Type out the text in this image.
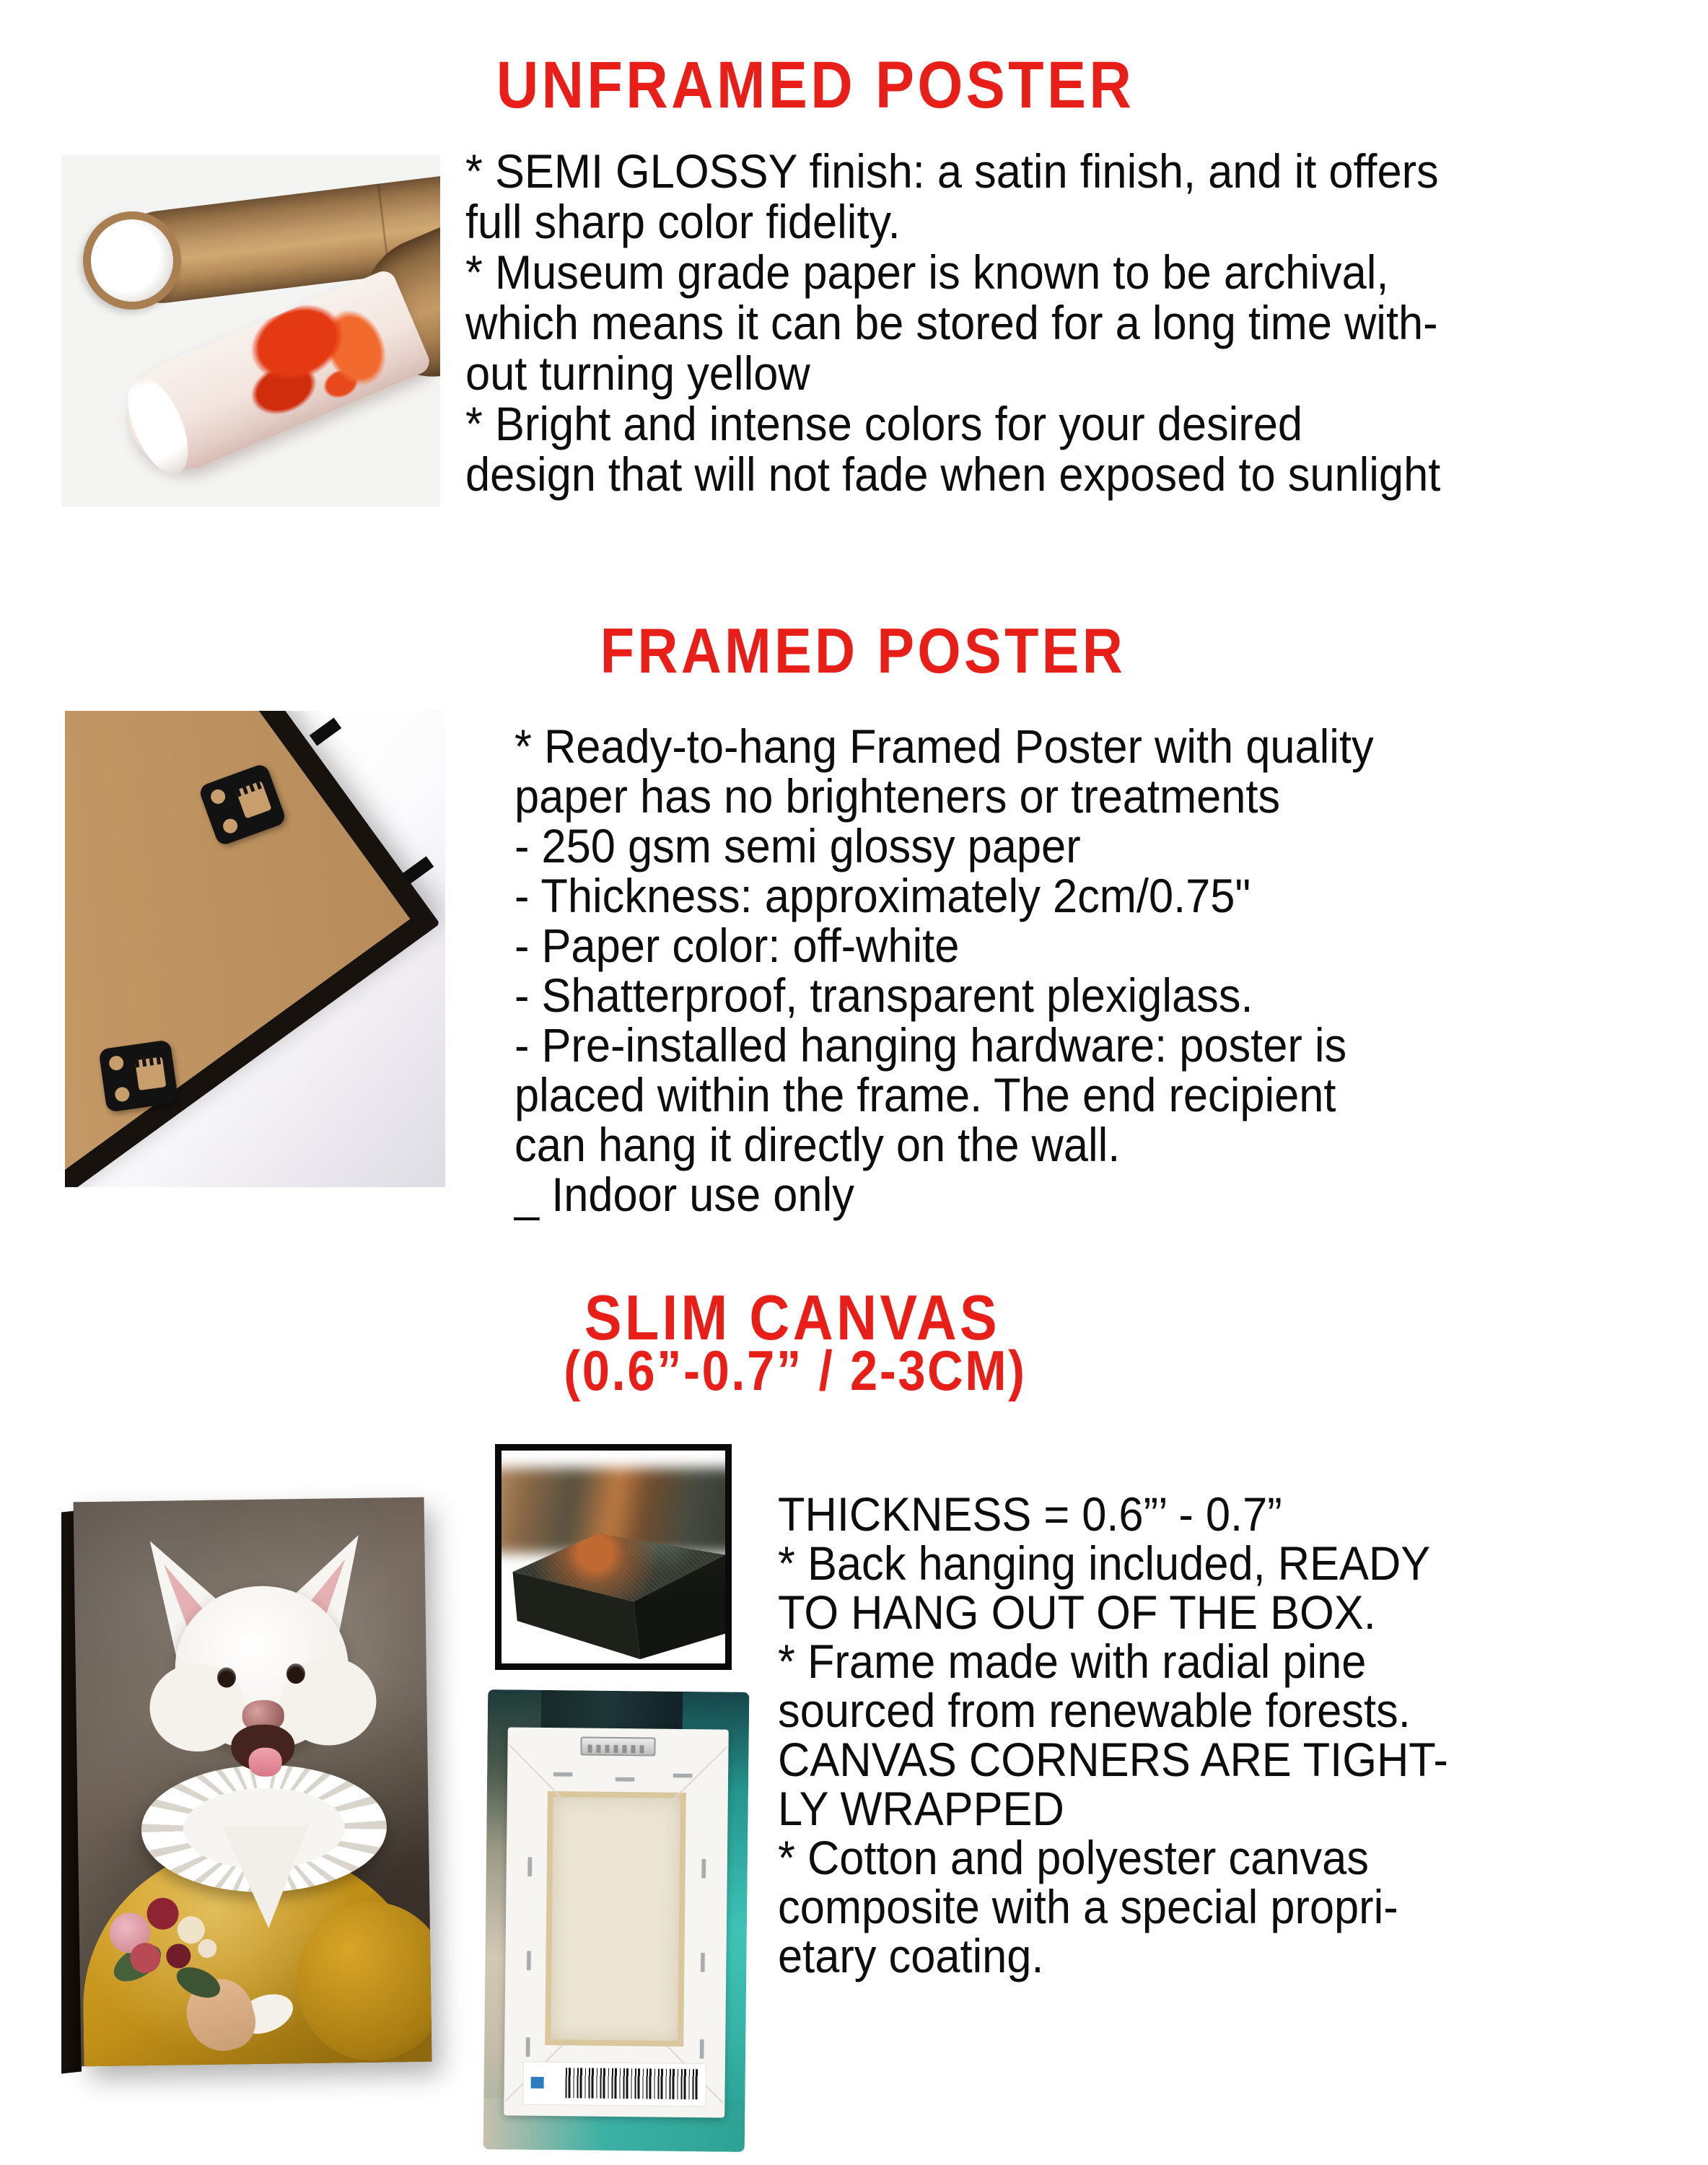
UNFRAMED POSTER
* SEMI GLOSSY finish: a satin finish, and it offers
full sharp color fidelity.
* Museum grade paper is known to be archival,
which means it can be stored for a long time with-
out turning yellow
* Bright and intense colors for your desired
design that will not fade when exposed to sunlight
FRAMED POSTER
* Ready-to-hang Framed Poster with quality
paper has no brighteners or treatments
- 250 gsm semi glossy paper
- Thickness: approximately 2cm/0.75"
- Paper color: off-white
- Shatterproof, transparent plexiglass.
- Pre-installed hanging hardware: poster is
placed within the frame. The end recipient
can hang it directly on the wall.
_ Indoor use only
SLIM CANVAS
(0.6”-0.7” / 2-3CM)
THICKNESS = 0.6”’ - 0.7”
* Back hanging included, READY
TO HANG OUT OF THE BOX.
* Frame made with radial pine
sourced from renewable forests.
CANVAS CORNERS ARE TIGHT-
LY WRAPPED
* Cotton and polyester canvas
composite with a special propri-
etary coating.
